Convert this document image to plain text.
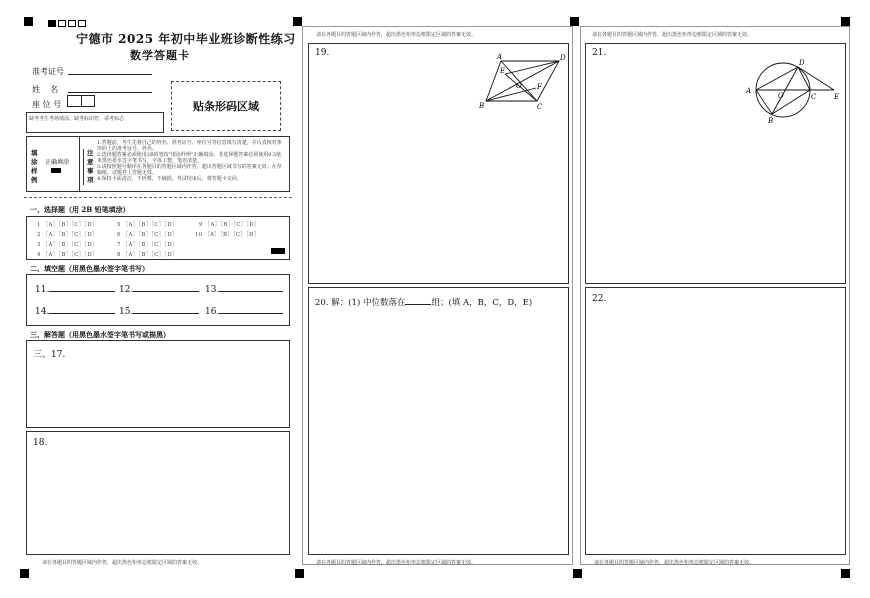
宁德市 2025 年初中毕业班诊断性练习
数学答题卡
准考证号
姓    名
座 位 号	贴条形码区域
缺考考生考场填涂，缺考标识符，请考标志
填涂样例
正确填涂
注意事项
1.答题前，考生先将自己的姓名、准考证号、座位号等信息填写清楚，并认真核对条形码上的准考证号、姓名。
2.选择题答案必须使用2B铅笔按"填涂样例"正确填涂；非选择题答案必须使用0.5毫米黑色墨水签字笔书写，字体工整、笔迹清楚。
3.请按照题号顺序在各题目的答题区域内作答，超出答题区域书写的答案无效；在草稿纸、试题卷上答题无效。
4.保持卡面清洁，不折叠，不破损。考试结束后，将答题卡交回。
一、选择题（用 2B 铅笔填涂）
1 ［A］［B］［C］［D］
2 ［A］［B］［C］［D］
3 ［A］［B］［C］［D］
4 ［A］［B］［C］［D］
5 ［A］［B］［C］［D］
6 ［A］［B］［C］［D］
7 ［A］［B］［C］［D］
8 ［A］［B］［C］［D］
9 ［A］［B］［C］［D］
10 ［A］［B］［C］［D］
二、填空题（用黑色墨水签字笔书写）
11.	12.	13.
14.	15.	16.
三、解答题（用黑色墨水签字笔书写或描黑）
三、17.
18.
请在各题目的答题区域内作答，超出黑色矩形边框限定区域的答案无效。
请在各题目的答题区域内作答，超出黑色矩形边框限定区域的答案无效。
19.	A	D
E
O F
B	C
20. 解：(1) 中位数落在	组；(填 A，B，C，D，E)
请在各题目的答题区域内作答，超出黑色矩形边框限定区域的答案无效。
请在各题目的答题区域内作答，超出黑色矩形边框限定区域的答案无效。
21.
A
O
D
C	E
B
22.
请在各题目的答题区域内作答，超出黑色矩形边框限定区域的答案无效。
